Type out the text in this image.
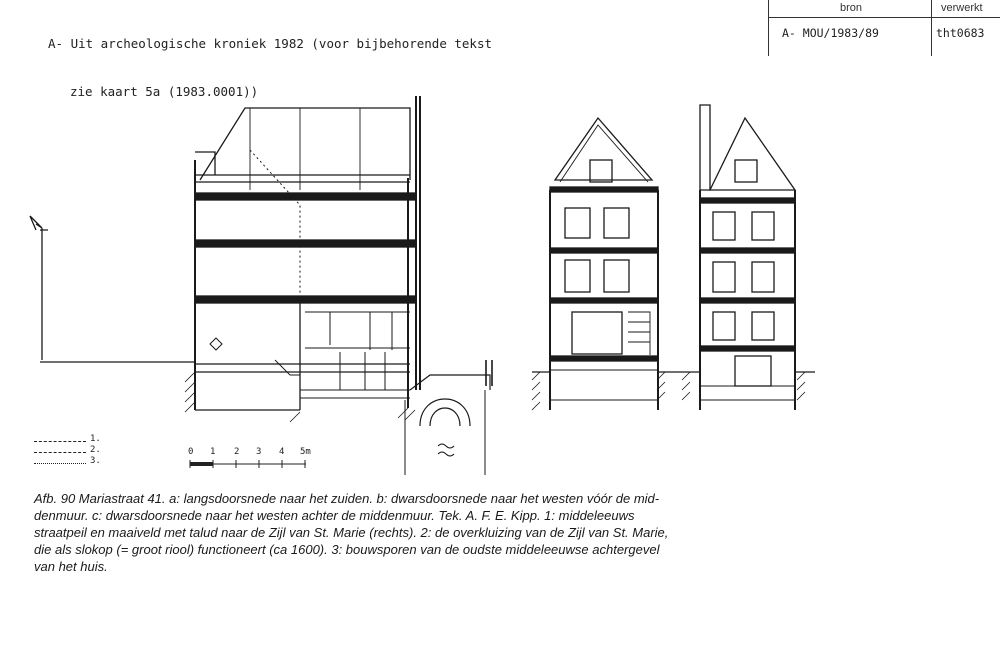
A- Uit archeologische kroniek 1982 (voor bijbehorende tekst

zie kaart 5a (1983.0001))

bron	verwerkt
A- MOU/1983/89	tht0683
1.
2.
3.
0 1 2 3 4 5m
Afb. 90 Mariastraat 41. a: langsdoorsnede naar het zuiden. b: dwarsdoorsnede naar het westen vóór de mid-
denmuur. c: dwarsdoorsnede naar het westen achter de middenmuur. Tek. A. F. E. Kipp. 1: middeleeuws
straatpeil en maaiveld met talud naar de Zijl van St. Marie (rechts). 2: de overkluizing van de Zijl van St. Marie,
die als slokop (= groot riool) functioneert (ca 1600). 3: bouwsporen van de oudste middeleeuwse achtergevel
van het huis.
